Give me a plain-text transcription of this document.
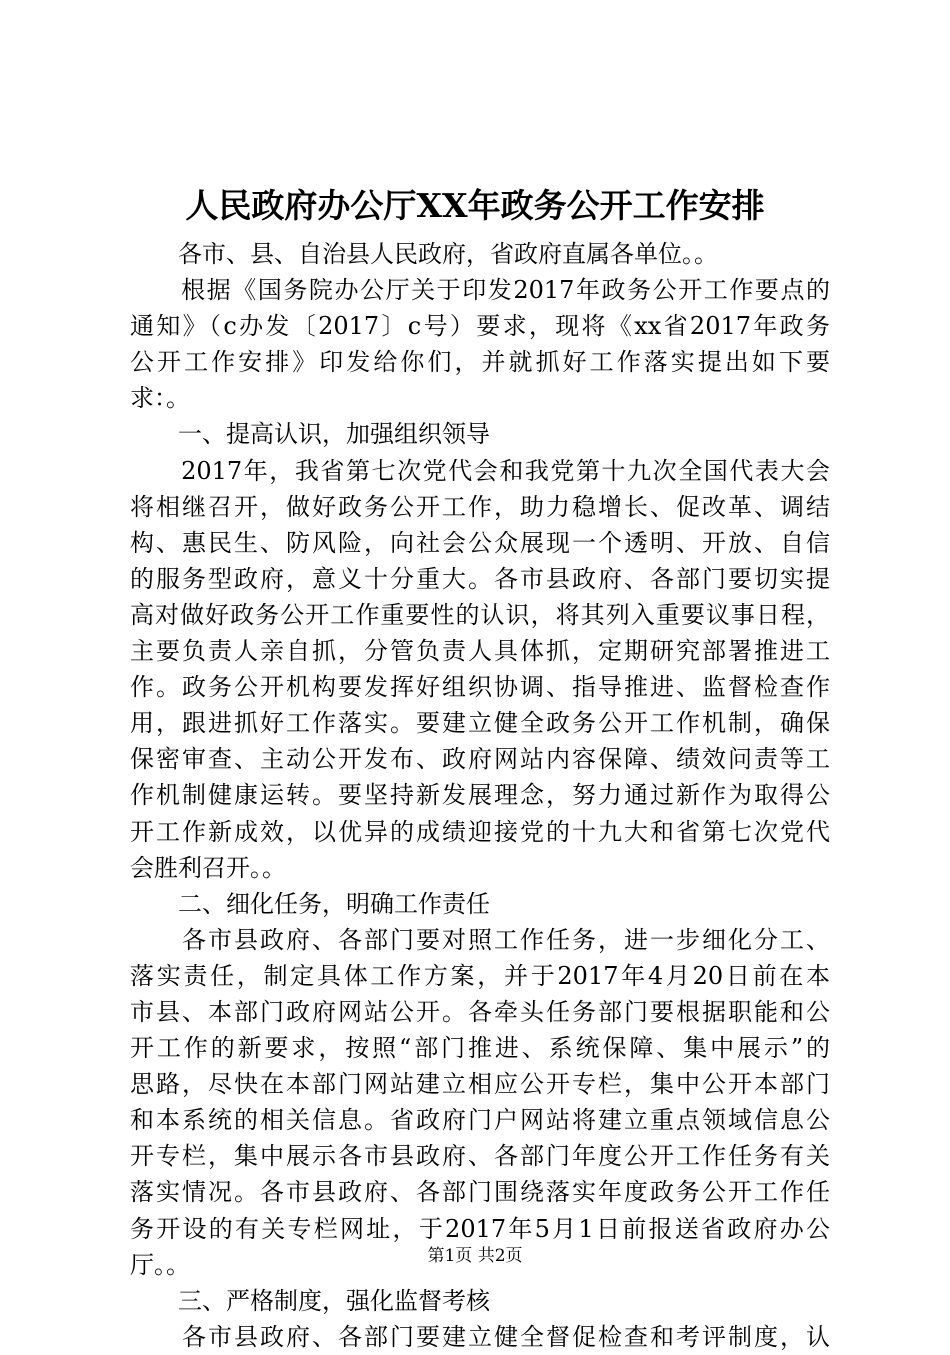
人民政府办公厅XX年政务公开工作安排
　　各市、县、自治县人民政府，省政府直属各单位。。
　　根据《国务院办公厅关于印发2017年政务公开工作要点的
通知》（c办发〔2017〕c号）要求，现将《xx省2017年政务
公开工作安排》印发给你们，并就抓好工作落实提出如下要
求：。
　　一、提高认识，加强组织领导
　　2017年，我省第七次党代会和我党第十九次全国代表大会
将相继召开，做好政务公开工作，助力稳增长、促改革、调结
构、惠民生、防风险，向社会公众展现一个透明、开放、自信
的服务型政府，意义十分重大。各市县政府、各部门要切实提
高对做好政务公开工作重要性的认识，将其列入重要议事日程，
主要负责人亲自抓，分管负责人具体抓，定期研究部署推进工
作。政务公开机构要发挥好组织协调、指导推进、监督检查作
用，跟进抓好工作落实。要建立健全政务公开工作机制，确保
保密审查、主动公开发布、政府网站内容保障、绩效问责等工
作机制健康运转。要坚持新发展理念，努力通过新作为取得公
开工作新成效，以优异的成绩迎接党的十九大和省第七次党代
会胜利召开。。
　　二、细化任务，明确工作责任
　　各市县政府、各部门要对照工作任务，进一步细化分工、
落实责任，制定具体工作方案，并于2017年4月20日前在本
市县、本部门政府网站公开。各牵头任务部门要根据职能和公
开工作的新要求，按照“部门推进、系统保障、集中展示”的
思路，尽快在本部门网站建立相应公开专栏，集中公开本部门
和本系统的相关信息。省政府门户网站将建立重点领域信息公
开专栏，集中展示各市县政府、各部门年度公开工作任务有关
落实情况。各市县政府、各部门围绕落实年度政务公开工作任
务开设的有关专栏网址，于2017年5月1日前报送省政府办公
厅。。
　　三、严格制度，强化监督考核
　　各市县政府、各部门要建立健全督促检查和考评制度，认
第1页 共2页
